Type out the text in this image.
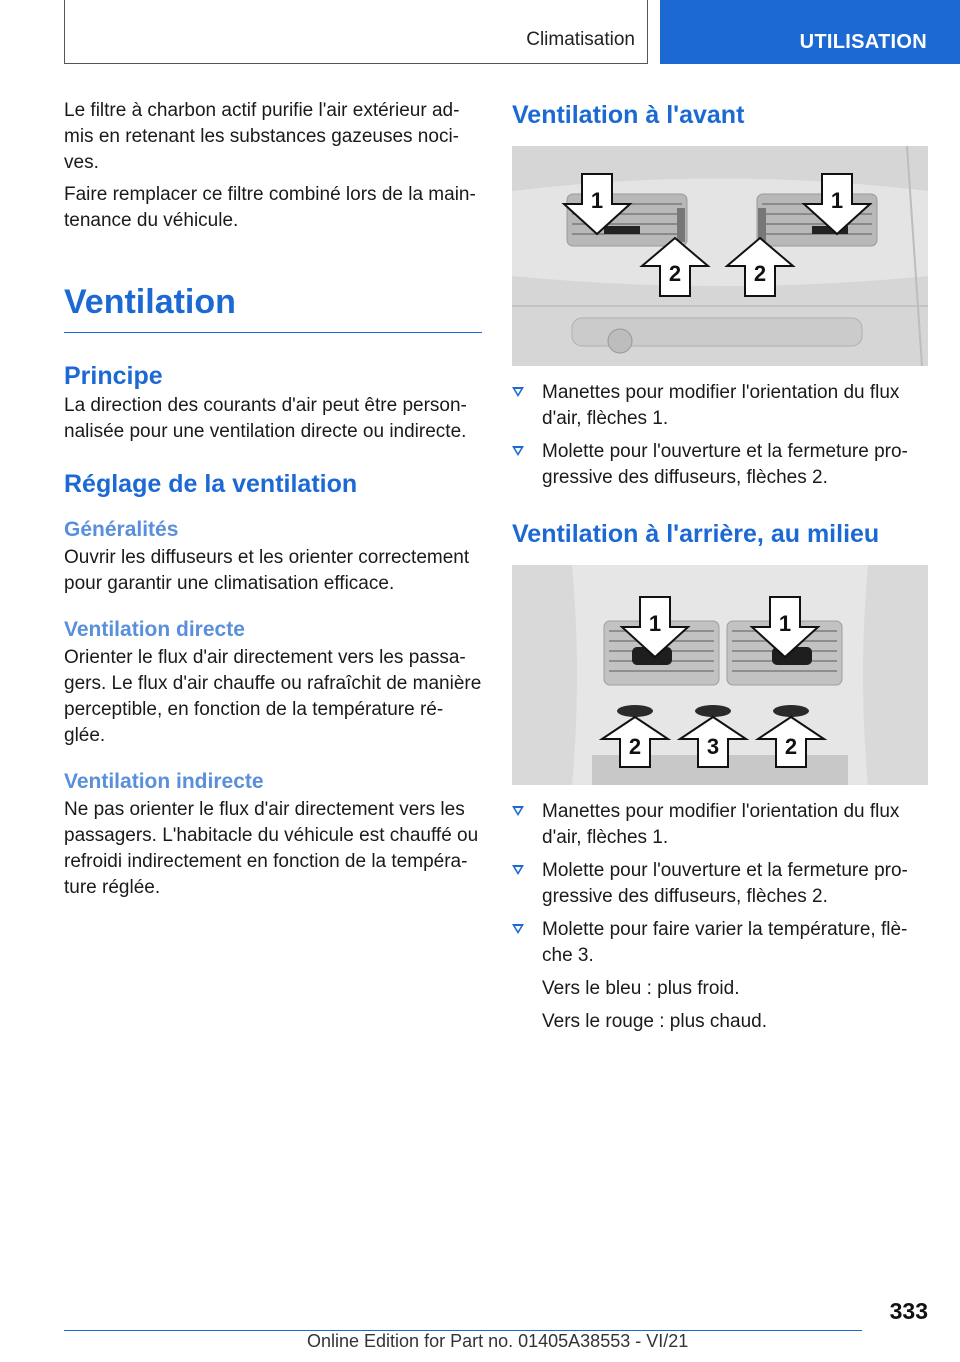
Climatisation	UTILISATION

Le filtre à charbon actif purifie l'air extérieur ad-mis en retenant les substances gazeuses noci-ves.

Faire remplacer ce filtre combiné lors de la main-tenance du véhicule.

Ventilation
Principe

La direction des courants d'air peut être person-nalisée pour une ventilation directe ou indirecte.

Réglage de la ventilation
Généralités

Ouvrir les diffuseurs et les orienter correctement pour garantir une climatisation efficace.

Ventilation directe

Orienter le flux d'air directement vers les passa-gers. Le flux d'air chauffe ou rafraîchit de manière perceptible, en fonction de la température ré-glée.

Ventilation indirecte

Ne pas orienter le flux d'air directement vers les passagers. L'habitacle du véhicule est chauffé ou refroidi indirectement en fonction de la tempéra-ture réglée.

Ventilation à l'avant
1	1
2	2
Manettes pour modifier l'orientation du flux d'air, flèches 1.
Molette pour l'ouverture et la fermeture pro-gressive des diffuseurs, flèches 2.
Ventilation à l'arrière, au milieu
1	1
2	3	2
Manettes pour modifier l'orientation du flux d'air, flèches 1.
Molette pour l'ouverture et la fermeture pro-gressive des diffuseurs, flèches 2.
Molette pour faire varier la température, flè-che 3.
Vers le bleu : plus froid.
Vers le rouge : plus chaud.
333
Online Edition for Part no. 01405A38553 - VI/21
